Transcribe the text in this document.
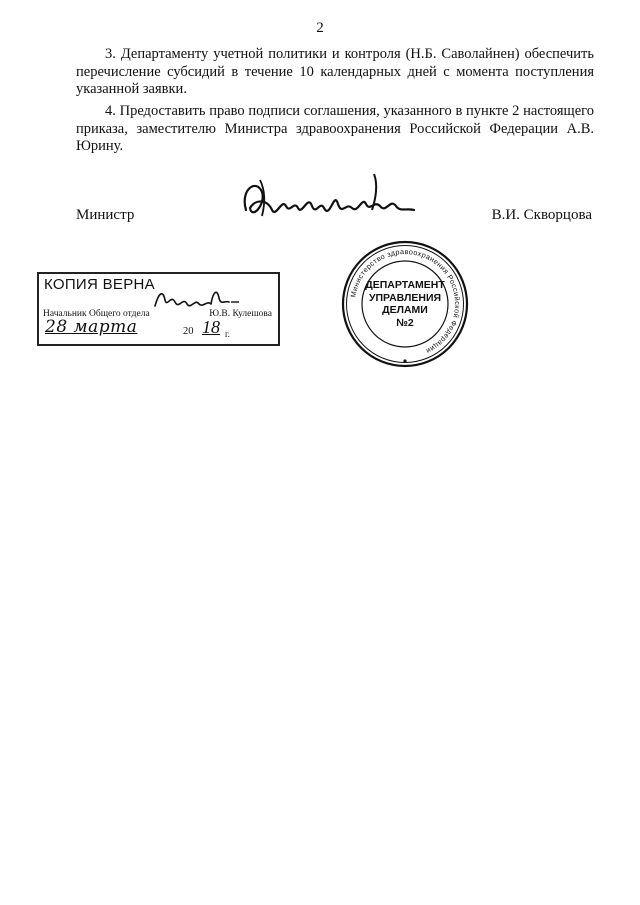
2
3. Департаменту учетной политики и контроля (Н.Б. Саволайнен) обеспечить перечисление субсидий в течение 10 календарных дней с момента поступления указанной заявки.
4. Предоставить право подписи соглашения, указанного в пункте 2 настоящего приказа, заместителю Министра здравоохранения Российской Федерации А.В. Юрину.
Министр	В.И. Скворцова
КОПИЯ ВЕРНА
Начальник Общего отдела	Ю.В. Кулешова
28 марта	20 18 г.
Министерство здравоохранения Российской Федерации
ДЕПАРТАМЕНТ
УПРАВЛЕНИЯ
ДЕЛАМИ
№2
